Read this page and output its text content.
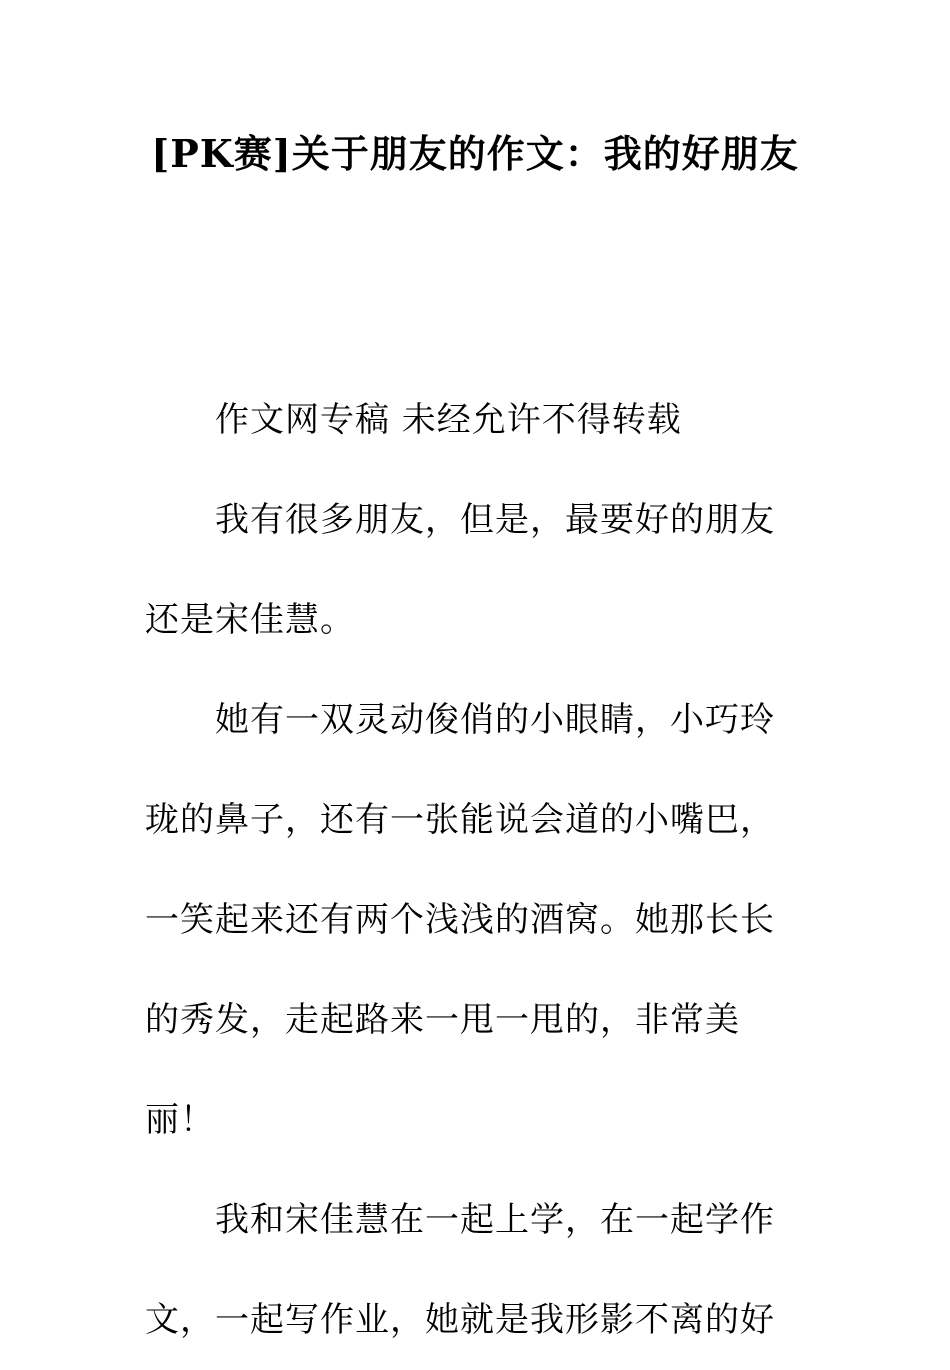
[PK赛]关于朋友的作文：我的好朋友

作文网专稿 未经允许不得转载

我有很多朋友，但是，最要好的朋友还是宋佳慧。

她有一双灵动俊俏的小眼睛，小巧玲珑的鼻子，还有一张能说会道的小嘴巴，一笑起来还有两个浅浅的酒窝。她那长长的秀发，走起路来一甩一甩的，非常美丽！

我和宋佳慧在一起上学，在一起学作文，一起写作业，她就是我形影不离的好
